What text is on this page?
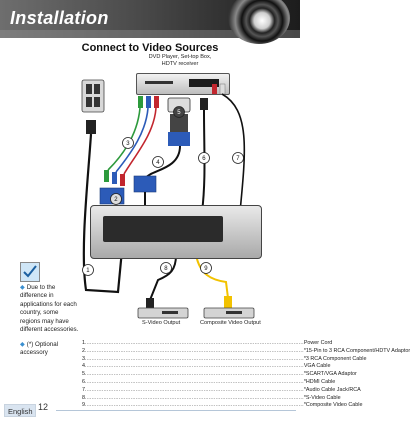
Installation
Connect to Video Sources
DVD Player, Set-top Box,
HDTV receiver
1
2
3
4
5
6	7
8	9
◆ Due to the difference in applications for each country, some regions may have different accessories.
◆ (*) Optional accessory
S-Video Output	Composite Video Output
1. ................................................................................................................................ Power Cord
2. ................................................................................................................................ *15-Pin to 3 RCA Component/HDTV Adaptor
3. ................................................................................................................................ *3 RCA Component Cable
4. ................................................................................................................................ VGA Cable
5. ................................................................................................................................ *SCART/VGA Adaptor
6. ................................................................................................................................ *HDMI Cable
7. ................................................................................................................................ *Audio Cable Jack/RCA
8. ................................................................................................................................ *S-Video Cable
9. ................................................................................................................................ *Composite Video Cable
English 12
